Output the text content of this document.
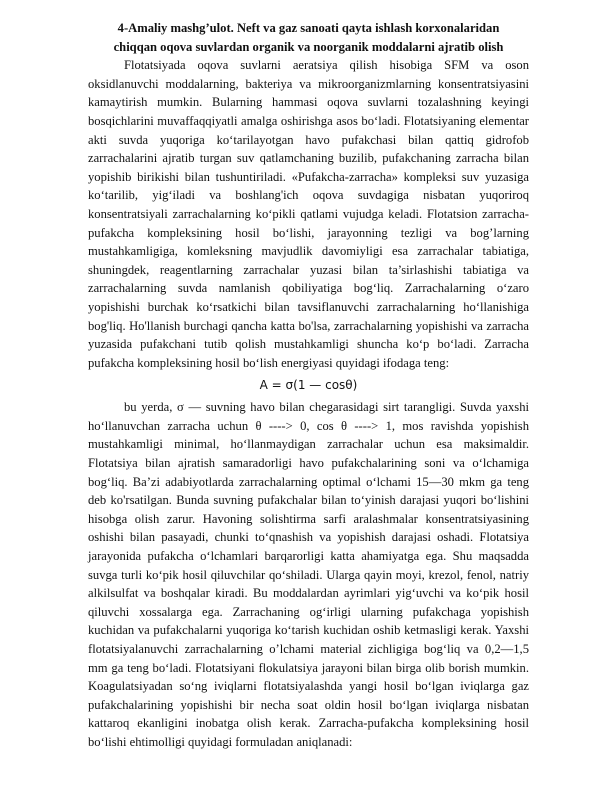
4-Amaliy mashg’ulot. Neft va gaz sanoati qayta ishlash korxonalaridan
chiqqan oqova suvlardan organik va noorganik moddalarni ajratib olish

Flotatsiyada oqova suvlarni aeratsiya qilish hisobiga SFM va oson oksidlanuvchi moddalarning, bakteriya va mikroorganizmlarning konsentratsiyasini kamaytirish mumkin. Bularning hammasi oqova suvlarni tozalashning keyingi bosqichlarini muvaffaqqiyatli amalga oshirishga asos bo‘ladi. Flotatsiyaning elementar akti suvda yuqoriga ko‘tarilayotgan havo pufakchasi bilan qattiq gidrofob zarrachalarini ajratib turgan suv qatlamchaning buzilib, pufakchaning zarracha bilan yopishib birikishi bilan tushuntiriladi. «Pufakcha-zarracha» kompleksi suv yuzasiga ko‘tarilib, yig‘iladi va boshlang'ich oqova suvdagiga nisbatan yuqoriroq konsentratsiyali zarrachalarning ko‘pikli qatlami vujudga keladi. Flotatsion zarracha-pufakcha kompleksining hosil bo‘lishi, jarayonning tezligi va bog’larning mustahkamligiga, komleksning mavjudlik davomiyligi esa zarrachalar tabiatiga, shuningdek, reagentlarning zarrachalar yuzasi bilan ta’sirlashishi tabiatiga va zarrachalarning suvda namlanish qobiliyatiga bog‘liq. Zarrachalarning o‘zaro yopishishi burchak ko‘rsatkichi bilan tavsiflanuvchi zarrachalarning ho‘llanishiga bog'liq. Ho'llanish burchagi qancha katta bo'lsa, zarrachalarning yopishishi va zarracha yuzasida pufakchani tutib qolish mustahkamligi shuncha ko‘p bo‘ladi. Zarracha pufakcha kompleksining hosil bo‘lish energiyasi quyidagi ifodaga teng:

A = σ(1 — cosθ)

bu yerda, σ — suvning havo bilan chegarasidagi sirt tarangligi. Suvda yaxshi ho‘llanuvchan zarracha uchun θ ----> 0, cos θ ----> 1, mos ravishda yopishish mustahkamligi minimal, ho‘llanmaydigan zarrachalar uchun esa maksimaldir. Flotatsiya bilan ajratish samaradorligi havo pufakchalarining soni va o‘lchamiga bog‘liq. Ba’zi adabiyotlarda zarrachalarning optimal o‘lchami 15—30 mkm ga teng deb ko'rsatilgan. Bunda suvning pufakchalar bilan to‘yinish darajasi yuqori bo‘lishini hisobga olish zarur. Havoning solishtirma sarfi aralashmalar konsentratsiyasining oshishi bilan pasayadi, chunki to‘qnashish va yopishish darajasi oshadi. Flotatsiya jarayonida pufakcha o‘lchamlari barqarorligi katta ahamiyatga ega. Shu maqsadda suvga turli ko‘pik hosil qiluvchilar qo‘shiladi. Ularga qayin moyi, krezol, fenol, natriy alkilsulfat va boshqalar kiradi. Bu moddalardan ayrimlari yig‘uvchi va ko‘pik hosil qiluvchi xossalarga ega. Zarrachaning og‘irligi ularning pufakchaga yopishish kuchidan va pufakchalarni yuqoriga ko‘tarish kuchidan oshib ketmasligi kerak. Yaxshi flotatsiyalanuvchi zarrachalarning o’lchami material zichligiga bog‘liq va 0,2—1,5 mm ga teng bo‘ladi. Flotatsiyani flokulatsiya jarayoni bilan birga olib borish mumkin. Koagulatsiyadan so‘ng iviqlarni flotatsiyalashda yangi hosil bo‘lgan iviqlarga gaz pufakchalarining yopishishi bir necha soat oldin hosil bo‘lgan iviqlarga nisbatan kattaroq ekanligini inobatga olish kerak. Zarracha-pufakcha kompleksining hosil bo‘lishi ehtimolligi quyidagi formuladan aniqlanadi:
